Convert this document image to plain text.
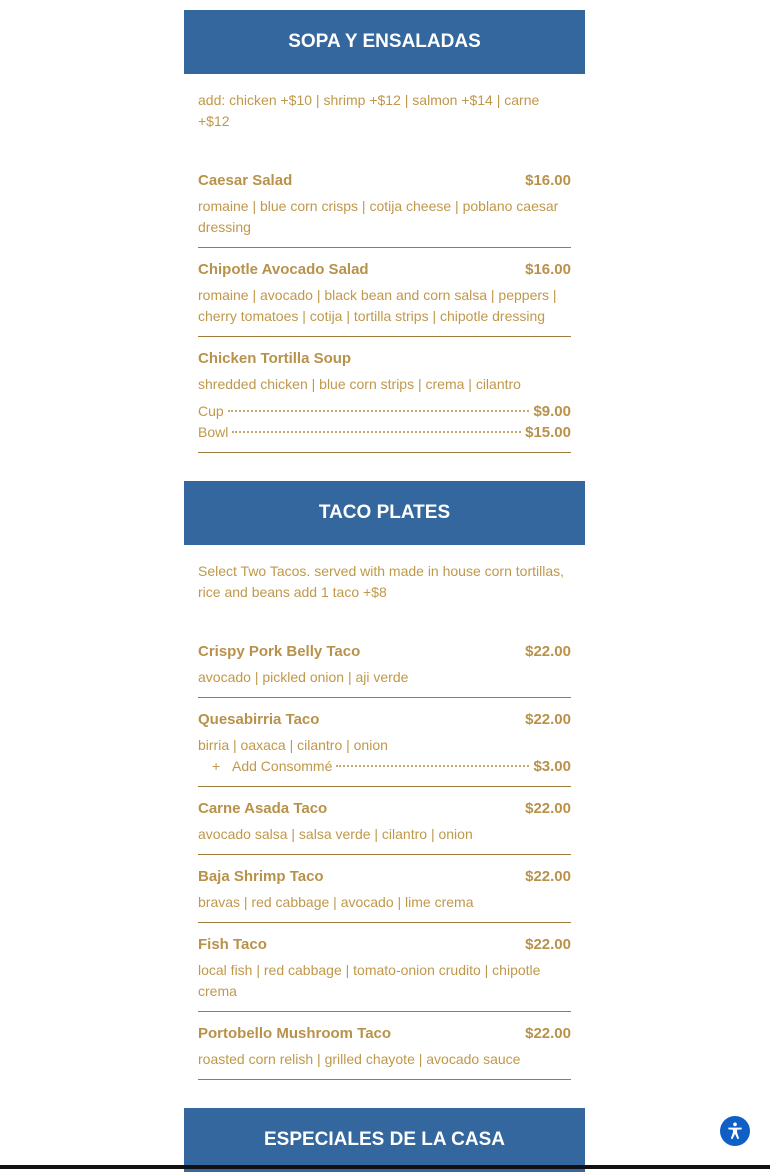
SOPA Y ENSALADAS
add: chicken +$10 | shrimp +$12 | salmon +$14 | carne +$12
Caesar Salad	$16.00
romaine | blue corn crisps | cotija cheese | poblano caesar dressing
Chipotle Avocado Salad	$16.00
romaine | avocado | black bean and corn salsa | peppers | cherry tomatoes | cotija | tortilla strips | chipotle dressing
Chicken Tortilla Soup
shredded chicken | blue corn strips | crema | cilantro
Cup	$9.00
Bowl	$15.00
TACO PLATES
Select Two Tacos. served with made in house corn tortillas, rice and beans add 1 taco +$8
Crispy Pork Belly Taco	$22.00
avocado | pickled onion | aji verde
Quesabirria Taco	$22.00
birria | oaxaca | cilantro | onion
+ Add Consommé	$3.00
Carne Asada Taco	$22.00
avocado salsa | salsa verde | cilantro | onion
Baja Shrimp Taco	$22.00
bravas | red cabbage | avocado | lime crema
Fish Taco	$22.00
local fish | red cabbage | tomato-onion crudito | chipotle crema
Portobello Mushroom Taco	$22.00
roasted corn relish | grilled chayote | avocado sauce
ESPECIALES DE LA CASA
